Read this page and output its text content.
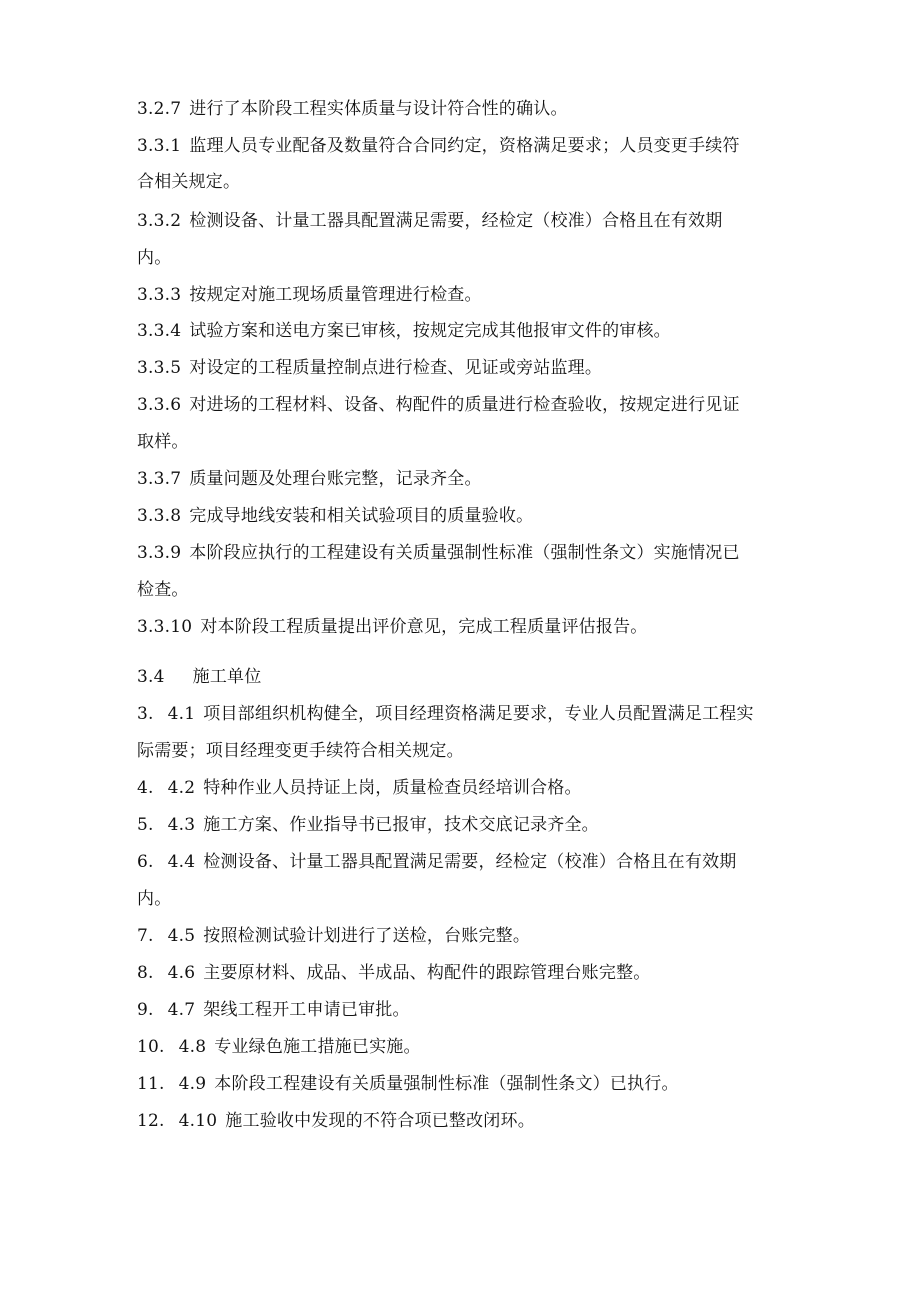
3.2.7 进行了本阶段工程实体质量与设计符合性的确认。
3.3.1 监理人员专业配备及数量符合合同约定，资格满足要求；人员变更手续符
合相关规定。
3.3.2 检测设备、计量工器具配置满足需要，经检定（校准）合格且在有效期
内。
3.3.3 按规定对施工现场质量管理进行检查。
3.3.4 试验方案和送电方案已审核，按规定完成其他报审文件的审核。
3.3.5 对设定的工程质量控制点进行检查、见证或旁站监理。
3.3.6 对进场的工程材料、设备、构配件的质量进行检查验收，按规定进行见证
取样。
3.3.7 质量问题及处理台账完整，记录齐全。
3.3.8 完成导地线安装和相关试验项目的质量验收。
3.3.9 本阶段应执行的工程建设有关质量强制性标准（强制性条文）实施情况已
检查。
3.3.10 对本阶段工程质量提出评价意见，完成工程质量评估报告。
3.4 施工单位
3. 4.1 项目部组织机构健全，项目经理资格满足要求，专业人员配置满足工程实
际需要；项目经理变更手续符合相关规定。
4. 4.2 特种作业人员持证上岗，质量检查员经培训合格。
5. 4.3 施工方案、作业指导书已报审，技术交底记录齐全。
6. 4.4 检测设备、计量工器具配置满足需要，经检定（校准）合格且在有效期
内。
7. 4.5 按照检测试验计划进行了送检，台账完整。
8. 4.6 主要原材料、成品、半成品、构配件的跟踪管理台账完整。
9. 4.7 架线工程开工申请已审批。
10. 4.8 专业绿色施工措施已实施。
11. 4.9 本阶段工程建设有关质量强制性标准（强制性条文）已执行。
12. 4.10 施工验收中发现的不符合项已整改闭环。
